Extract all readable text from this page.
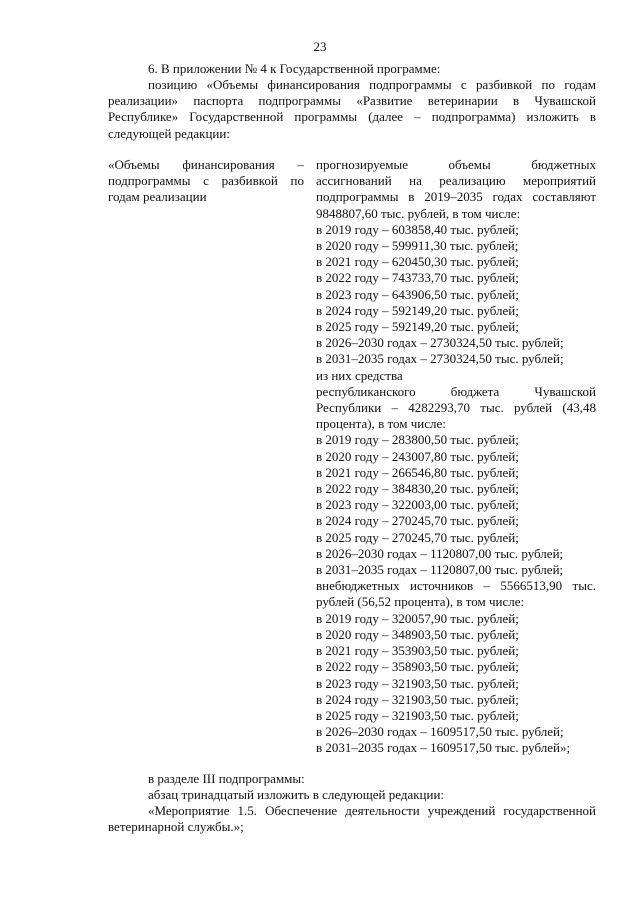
23
6. В приложении № 4 к Государственной программе:
позицию «Объемы финансирования подпрограммы с разбивкой по годам реализации» паспорта подпрограммы «Развитие ветеринарии в Чувашской Республике» Государственной программы (далее – подпрограмма) изложить в следующей редакции:
«Объемы финансирования – подпрограммы с разбивкой по годам реализации
прогнозируемые объемы бюджетных ассигнований на реализацию мероприятий подпрограммы в 2019–2035 годах составляют 9848807,60 тыс. рублей, в том числе:
в 2019 году – 603858,40 тыс. рублей;
в 2020 году – 599911,30 тыс. рублей;
в 2021 году – 620450,30 тыс. рублей;
в 2022 году – 743733,70 тыс. рублей;
в 2023 году – 643906,50 тыс. рублей;
в 2024 году – 592149,20 тыс. рублей;
в 2025 году – 592149,20 тыс. рублей;
в 2026–2030 годах – 2730324,50 тыс. рублей;
в 2031–2035 годах – 2730324,50 тыс. рублей;
из них средства
республиканского бюджета Чувашской Республики – 4282293,70 тыс. рублей (43,48 процента), в том числе:
в 2019 году – 283800,50 тыс. рублей;
в 2020 году – 243007,80 тыс. рублей;
в 2021 году – 266546,80 тыс. рублей;
в 2022 году – 384830,20 тыс. рублей;
в 2023 году – 322003,00 тыс. рублей;
в 2024 году – 270245,70 тыс. рублей;
в 2025 году – 270245,70 тыс. рублей;
в 2026–2030 годах – 1120807,00 тыс. рублей;
в 2031–2035 годах – 1120807,00 тыс. рублей;
внебюджетных источников – 5566513,90 тыс. рублей (56,52 процента), в том числе:
в 2019 году – 320057,90 тыс. рублей;
в 2020 году – 348903,50 тыс. рублей;
в 2021 году – 353903,50 тыс. рублей;
в 2022 году – 358903,50 тыс. рублей;
в 2023 году – 321903,50 тыс. рублей;
в 2024 году – 321903,50 тыс. рублей;
в 2025 году – 321903,50 тыс. рублей;
в 2026–2030 годах – 1609517,50 тыс. рублей;
в 2031–2035 годах – 1609517,50 тыс. рублей»;
в разделе III подпрограммы:
абзац тринадцатый изложить в следующей редакции:
«Мероприятие 1.5. Обеспечение деятельности учреждений государственной ветеринарной службы.»;
